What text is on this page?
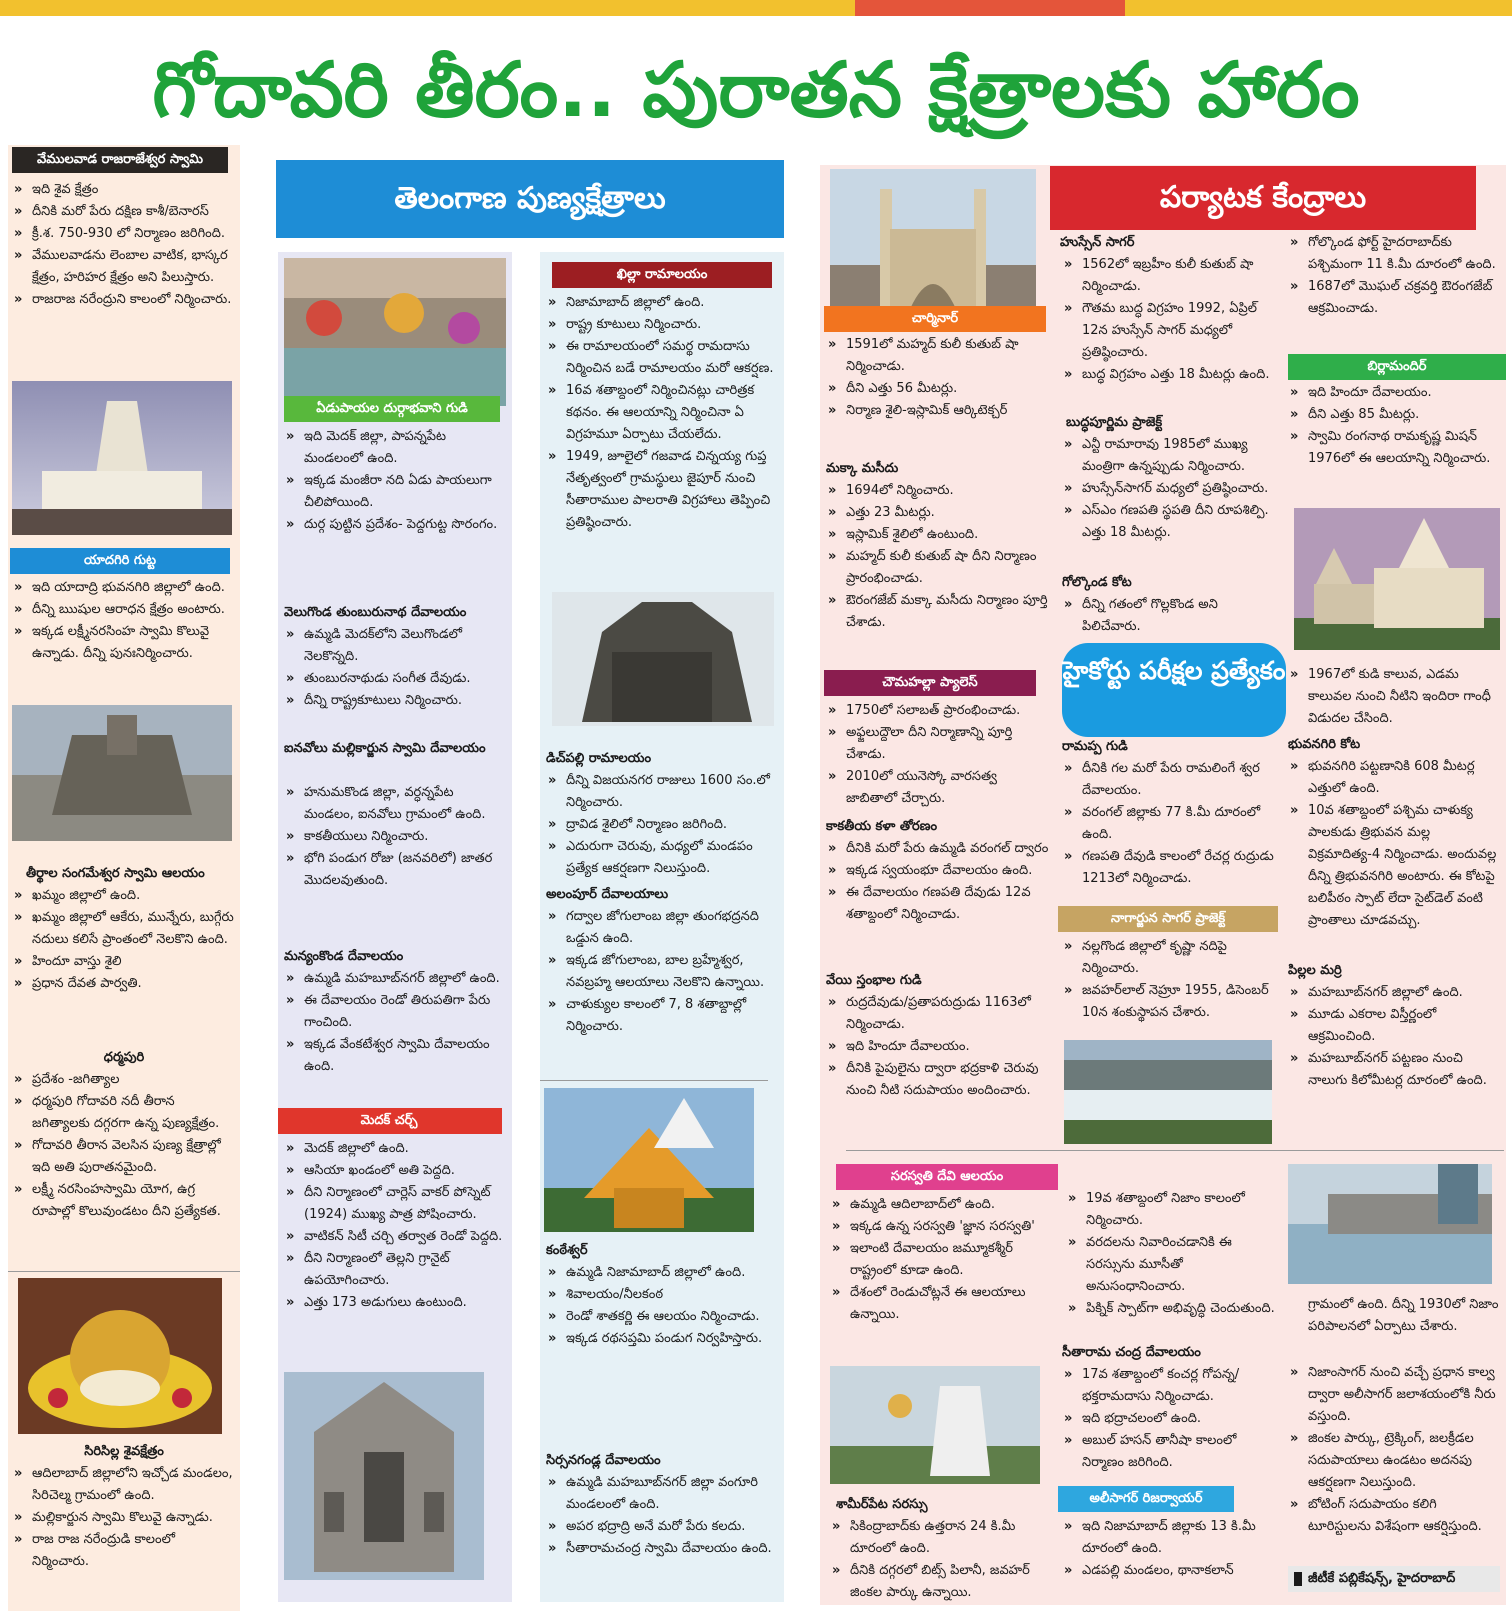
గోదావరి తీరం.. పురాతన క్షేత్రాలకు హారం
వేములవాడ రాజరాజేశ్వర స్వామి
» ఇది శైవ క్షేత్రం
» దీనికి మరో పేరు దక్షిణ కాశీ/బెనారస్
» క్రీ.శ. 750-930 లో నిర్మాణం జరిగింది.
» వేములవాడను లెంబాల వాటిక, భాస్కర క్షేత్రం, హరిహర క్షేత్రం అని పిలుస్తారు.
» రాజరాజ నరేంద్రుని కాలంలో నిర్మించారు.
యాదగిరి గుట్ట
» ఇది యాదాద్రి భువనగిరి జిల్లాలో ఉంది.
» దీన్ని ఋషుల ఆరాధన క్షేత్రం అంటారు.
» ఇక్కడ లక్ష్మీనరసింహ స్వామి కొలువై ఉన్నాడు. దీన్ని పునఃనిర్మించారు.
తీర్థాల సంగమేశ్వర స్వామి ఆలయం
» ఖమ్మం జిల్లాలో ఉంది.
» ఖమ్మం జిల్లాలో ఆకేరు, మున్నేరు, బుగ్గేరు నదులు కలిసే ప్రాంతంలో నెలకొని ఉంది.
» హిందూ వాస్తు శైలి
» ప్రధాన దేవత పార్వతి.
ధర్మపురి
» ప్రదేశం -జగిత్యాల
» ధర్మపురి గోదావరి నదీ తీరాన జగిత్యాలకు దగ్గరగా ఉన్న పుణ్యక్షేత్రం.
» గోదావరి తీరాన వెలసిన పుణ్య క్షేత్రాల్లో ఇది అతి పురాతనమైంది.
» లక్ష్మీ నరసింహస్వామి యోగ, ఉగ్ర రూపాల్లో కొలువుండటం దీని ప్రత్యేకత.
సిరిసిల్ల శైవక్షేత్రం
» ఆదిలాబాద్ జిల్లాలోని ఇచ్చోడ మండలం, సిరిచెల్మ గ్రామంలో ఉంది.
» మల్లికార్జున స్వామి కొలువై ఉన్నాడు.
» రాజ రాజ నరేంద్రుడి కాలంలో నిర్మించారు.
తెలంగాణ పుణ్యక్షేత్రాలు
ఏడుపాయల దుర్గాభవాని గుడి
» ఇది మెదక్ జిల్లా, పాపన్నపేట మండలంలో ఉంది.
» ఇక్కడ మంజీరా నది ఏడు పాయలుగా చీలిపోయింది.
» దుర్గ పుట్టిన ప్రదేశం- పెద్దగుట్ట సొరంగం.
వెలుగొండ తుంబురునాథ దేవాలయం
» ఉమ్మడి మెదక్‌లోని వెలుగొండలో నెలకొన్నది.
» తుంబురనాథుడు సంగీత దేవుడు.
» దీన్ని రాష్ట్రకూటులు నిర్మించారు.
ఐనవోలు మల్లికార్జున స్వామి దేవాలయం
» హనుమకొండ జిల్లా, వర్ధన్నపేట మండలం, ఐనవోలు గ్రామంలో ఉంది.
» కాకతీయులు నిర్మించారు.
» భోగి పండుగ రోజు (జనవరిలో) జాతర మొదలవుతుంది.
మన్యంకొండ దేవాలయం
» ఉమ్మడి మహబూబ్‌నగర్ జిల్లాలో ఉంది.
» ఈ దేవాలయం రెండో తిరుపతిగా పేరు గాంచింది.
» ఇక్కడ వేంకటేశ్వర స్వామి దేవాలయం ఉంది.
మెదక్ చర్చ్
» మెదక్ జిల్లాలో ఉంది.
» ఆసియా ఖండంలో అతి పెద్దది.
» దీని నిర్మాణంలో చార్లెస్ వాకర్ పోస్నెట్ (1924) ముఖ్య పాత్ర పోషించారు.
» వాటికన్ సిటీ చర్చి తర్వాత రెండో పెద్దది.
» దీని నిర్మాణంలో తెల్లని గ్రానైట్ ఉపయోగించారు.
» ఎత్తు 173 అడుగులు ఉంటుంది.
ఖిల్లా రామాలయం
» నిజామాబాద్ జిల్లాలో ఉంది.
» రాష్ట్ర కూటులు నిర్మించారు.
» ఈ రామాలయంలో సమర్థ రామదాసు నిర్మించిన బడే రామాలయం మరో ఆకర్షణ.
» 16వ శతాబ్దంలో నిర్మించినట్లు చారిత్రక కథనం. ఈ ఆలయాన్ని నిర్మించినా ఏ విగ్రహమూ ఏర్పాటు చేయలేదు.
» 1949, జూలైలో గజవాడ చిన్నయ్య గుప్త నేతృత్వంలో గ్రామస్థులు జైపూర్ నుంచి సీతారాముల పాలరాతి విగ్రహాలు తెప్పించి ప్రతిష్ఠించారు.
డిచ్‌పల్లి రామాలయం
» దీన్ని విజయనగర రాజులు 1600 సం.లో నిర్మించారు.
» ద్రావిడ శైలిలో నిర్మాణం జరిగింది.
» ఎదురుగా చెరువు, మధ్యలో మండపం ప్రత్యేక ఆకర్షణగా నిలుస్తుంది.
అలంపూర్ దేవాలయాలు
» గద్వాల జోగులాంబ జిల్లా తుంగభద్రనది ఒడ్డున ఉంది.
» ఇక్కడ జోగులాంబ, బాల బ్రహ్మేశ్వర, నవబ్రహ్మ ఆలయాలు నెలకొని ఉన్నాయి.
» చాళుక్యుల కాలంలో 7, 8 శతాబ్దాల్లో నిర్మించారు.
కంఠేశ్వర్
» ఉమ్మడి నిజామాబాద్ జిల్లాలో ఉంది.
» శివాలయం/నీలకంఠ
» రెండో శాతకర్ణి ఈ ఆలయం నిర్మించాడు.
» ఇక్కడ రథసప్తమి పండుగ నిర్వహిస్తారు.
సిర్సనగండ్ల దేవాలయం
» ఉమ్మడి మహబూబ్‌నగర్ జిల్లా వంగూరి మండలంలో ఉంది.
» అపర భద్రాద్రి అనే మరో పేరు కలదు.
» సీతారామచంద్ర స్వామి దేవాలయం ఉంది.
పర్యాటక కేంద్రాలు
చార్మినార్
» 1591లో మహ్మద్ కులీ కుతుబ్ షా నిర్మించాడు.
» దీని ఎత్తు 56 మీటర్లు.
» నిర్మాణ శైలి-ఇస్లామిక్ ఆర్కిటెక్చర్
మక్కా మసీదు
» 1694లో నిర్మించారు.
» ఎత్తు 23 మీటర్లు.
» ఇస్లామిక్ శైలిలో ఉంటుంది.
» మహ్మద్ కులీ కుతుబ్ షా దీని నిర్మాణం ప్రారంభించాడు.
» ఔరంగజేబ్ మక్కా మసీదు నిర్మాణం పూర్తి చేశాడు.
హుస్సేన్ సాగర్
» 1562లో ఇబ్రహీం కులీ కుతుబ్ షా నిర్మించాడు.
» గౌతమ బుద్ధ విగ్రహం 1992, ఏప్రిల్ 12న హుస్సేన్ సాగర్ మధ్యలో ప్రతిష్ఠించారు.
» బుద్ధ విగ్రహం ఎత్తు 18 మీటర్లు ఉంది.
బుద్ధపూర్ణిమ ప్రాజెక్ట్
» ఎన్టీ రామారావు 1985లో ముఖ్య మంత్రిగా ఉన్నప్పుడు నిర్మించారు.
» హుస్సేన్‌సాగర్ మధ్యలో ప్రతిష్ఠించారు.
» ఎస్ఎం గణపతి స్థపతి దీని రూపశిల్పి. ఎత్తు 18 మీటర్లు.
గోల్కొండ కోట
» దీన్ని గతంలో గొల్లకొండ అని పిలిచేవారు.
» గోల్కొండ ఫోర్ట్ హైదరాబాద్‌కు పశ్చిమంగా 11 కి.మీ దూరంలో ఉంది.
» 1687లో మొఘల్ చక్రవర్తి ఔరంగజేబ్ ఆక్రమించాడు.
బిర్లామందిర్
» ఇది హిందూ దేవాలయం.
» దీని ఎత్తు 85 మీటర్లు.
» స్వామి రంగనాథ రామకృష్ణ మిషన్ 1976లో ఈ ఆలయాన్ని నిర్మించారు.
హైకోర్టు పరీక్షల ప్రత్యేకం
చౌమహల్లా ప్యాలెస్
» 1750లో సలాబత్ ప్రారంభించాడు.
» అఫ్జలుద్దౌలా దీని నిర్మాణాన్ని పూర్తి చేశాడు.
» 2010లో యునెస్కో వారసత్వ జాబితాలో చేర్చారు.
కాకతీయ కళా తోరణం
» దీనికి మరో పేరు ఉమ్మడి వరంగల్ ద్వారం
» ఇక్కడ స్వయంభూ దేవాలయం ఉంది.
» ఈ దేవాలయం గణపతి దేవుడు 12వ శతాబ్దంలో నిర్మించాడు.
వేయి స్తంభాల గుడి
» రుద్రదేవుడు/ప్రతాపరుద్రుడు 1163లో నిర్మించాడు.
» ఇది హిందూ దేవాలయం.
» దీనికి పైపులైను ద్వారా భద్రకాళి చెరువు నుంచి నీటి సదుపాయం అందించారు.
రామప్ప గుడి
» దీనికి గల మరో పేరు రామలింగే శ్వర దేవాలయం.
» వరంగల్ జిల్లాకు 77 కి.మీ దూరంలో ఉంది.
» గణపతి దేవుడి కాలంలో రేచర్ల రుద్రుడు 1213లో నిర్మించాడు.
నాగార్జున సాగర్ ప్రాజెక్ట్
» నల్లగొండ జిల్లాలో కృష్ణా నదిపై నిర్మించారు.
» జవహర్‌లాల్ నెహ్రూ 1955, డిసెంబర్ 10న శంకుస్థాపన చేశారు.
» 1967లో కుడి కాలువ, ఎడమ కాలువల నుంచి నీటిని ఇందిరా గాంధీ విడుదల చేసింది.
భువనగిరి కోట
» భువనగిరి పట్టణానికి 608 మీటర్ల ఎత్తులో ఉంది.
» 10వ శతాబ్దంలో పశ్చిమ చాళుక్య పాలకుడు త్రిభువన మల్ల విక్రమాదిత్య-4 నిర్మించాడు. అందువల్ల దీన్ని త్రిభువనగిరి అంటారు. ఈ కోటపై బలిపీఠం స్పాట్ లేదా సైట్‌డెల్ వంటి ప్రాంతాలు చూడవచ్చు.
పిల్లల మర్రి
» మహబూబ్‌నగర్ జిల్లాలో ఉంది.
» మూడు ఎకరాల విస్తీర్ణంలో ఆక్రమించింది.
» మహబూబ్‌నగర్ పట్టణం నుంచి నాలుగు కిలోమీటర్ల దూరంలో ఉంది.
సరస్వతి దేవి ఆలయం
» ఉమ్మడి ఆదిలాబాద్‌లో ఉంది.
» ఇక్కడ ఉన్న సరస్వతి 'జ్ఞాన సరస్వతి'
» ఇలాంటి దేవాలయం జమ్మూకశ్మీర్ రాష్ట్రంలో కూడా ఉంది.
» దేశంలో రెండుచోట్లనే ఈ ఆలయాలు ఉన్నాయి.
శామీర్‌పేట సరస్సు
» సికింద్రాబాద్‌కు ఉత్తరాన 24 కి.మీ దూరంలో ఉంది.
» దీనికి దగ్గరలో బిట్స్ పిలానీ, జవహర్ జింకల పార్కు ఉన్నాయి.
» 19వ శతాబ్దంలో నిజాం కాలంలో నిర్మించారు.
» వరదలను నివారించడానికి ఈ సరస్సును మూసీతో అనుసంధానించారు.
» పిక్నిక్ స్పాట్‌గా అభివృద్ధి చెందుతుంది.
సీతారామ చంద్ర దేవాలయం
» 17వ శతాబ్దంలో కంచర్ల గోపన్న/భక్తరామదాసు నిర్మించాడు.
» ఇది భద్రాచలంలో ఉంది.
» అబుల్ హసన్ తానీషా కాలంలో నిర్మాణం జరిగింది.
అలీసాగర్ రిజర్వాయర్
» ఇది నిజామాబాద్ జిల్లాకు 13 కి.మీ దూరంలో ఉంది.
» ఎడపల్లి మండలం, థానాకలాన్
గ్రామంలో ఉంది. దీన్ని 1930లో నిజాం పరిపాలనలో ఏర్పాటు చేశారు.
» నిజాంసాగర్ నుంచి వచ్చే ప్రధాన కాల్వ ద్వారా అలీసాగర్ జలాశయంలోకి నీరు వస్తుంది.
» జింకల పార్కు, ట్రెక్కింగ్, జలక్రీడల సదుపాయాలు ఉండటం అదనపు ఆకర్షణగా నిలుస్తుంది.
» బోటింగ్ సదుపాయం కలిగి టూరిస్టులను విశేషంగా ఆకర్షిస్తుంది.
జీటీకే పబ్లికేషన్స్, హైదరాబాద్
